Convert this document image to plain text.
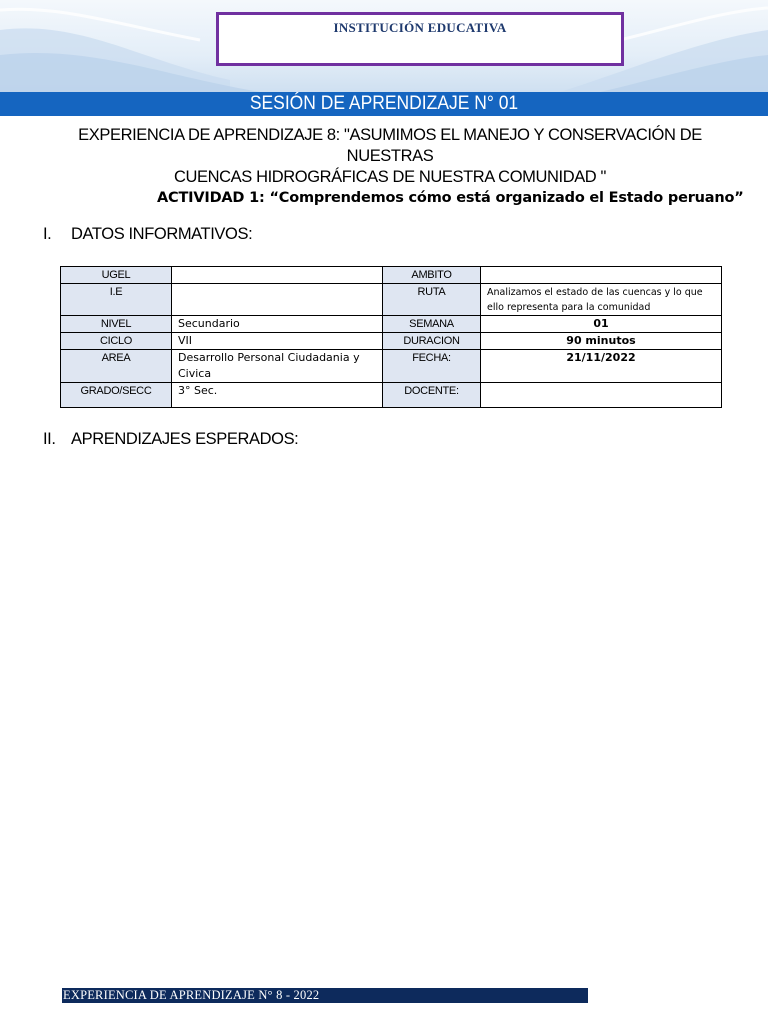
INSTITUCIÓN EDUCATIVA
SESIÓN DE APRENDIZAJE N° 01
EXPERIENCIA DE APRENDIZAJE 8: "ASUMIMOS EL MANEJO Y CONSERVACIÓN DE NUESTRAS
CUENCAS HIDROGRÁFICAS DE NUESTRA COMUNIDAD "
ACTIVIDAD 1: “Comprendemos cómo está organizado el Estado peruano”
I. DATOS INFORMATIVOS:
UGEL		AMBITO	
I.E		RUTA	Analizamos el estado de las cuencas y lo que ello representa para la comunidad
NIVEL	Secundario	SEMANA	01
CICLO	VII	DURACION	90 minutos
AREA	Desarrollo Personal Ciudadania y Civica	FECHA:	21/11/2022
GRADO/SECC	3° Sec.	DOCENTE:	
II. APRENDIZAJES ESPERADOS:
EXPERIENCIA DE APRENDIZAJE N° 8 - 2022
